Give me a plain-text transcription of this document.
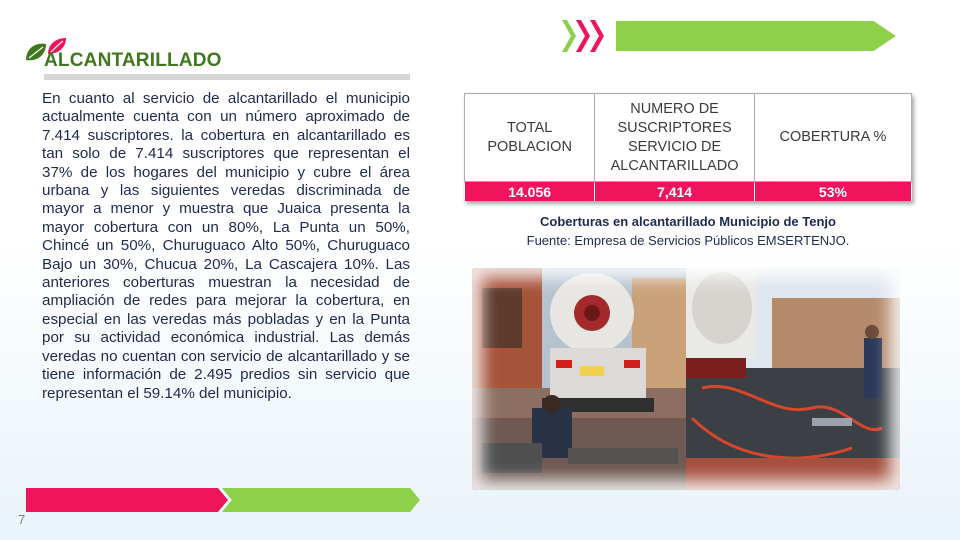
ALCANTARILLADO
En cuanto al servicio de alcantarillado el municipio actualmente cuenta con un número aproximado de 7.414 suscriptores. la cobertura en alcantarillado es tan solo de 7.414 suscriptores que representan el 37% de los hogares del municipio y cubre el área urbana y las siguientes veredas discriminada de mayor a menor y muestra que Juaica presenta la mayor cobertura con un 80%, La Punta un 50%, Chincé un 50%, Churuguaco Alto 50%, Churuguaco Bajo un 30%, Chucua 20%, La Cascajera 10%. Las anteriores coberturas muestran la necesidad de ampliación de redes para mejorar la cobertura, en especial en las veredas más pobladas y en la Punta por su actividad económica industrial. Las demás veredas no cuentan con servicio de alcantarillado y se tiene información de 2.495 predios sin servicio que representan el 59.14% del municipio.
TOTAL POBLACION	NUMERO DE SUSCRIPTORES SERVICIO DE ALCANTARILLADO	COBERTURA %
14.056	7,414	53%
Coberturas en alcantarillado Municipio de Tenjo
Fuente: Empresa de Servicios Públicos EMSERTENJO.
7
